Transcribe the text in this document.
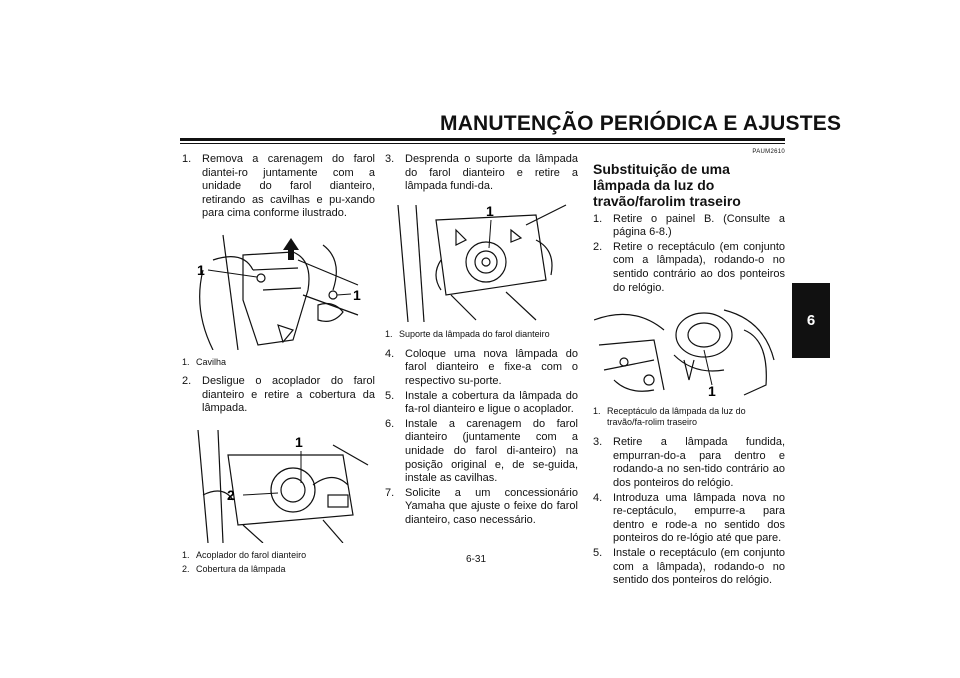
MANUTENÇÃO PERIÓDICA E AJUSTES
6
1. Remova a carenagem do farol diantei-ro juntamente com a unidade do farol dianteiro, retirando as cavilhas e pu-xando para cima conforme ilustrado.
1
1
1. Cavilha
2. Desligue o acoplador do farol dianteiro e retire a cobertura da lâmpada.
1
2
1. Acoplador do farol dianteiro
2. Cobertura da lâmpada
3. Desprenda o suporte da lâmpada do farol dianteiro e retire a lâmpada fundi-da.
1
1. Suporte da lâmpada do farol dianteiro
4. Coloque uma nova lâmpada do farol dianteiro e fixe-a com o respectivo su-porte.
5. Instale a cobertura da lâmpada do fa-rol dianteiro e ligue o acoplador.
6. Instale a carenagem do farol dianteiro (juntamente com a unidade do farol di-anteiro) na posição original e, de se-guida, instale as cavilhas.
7. Solicite a um concessionário Yamaha que ajuste o feixe do farol dianteiro, caso necessário.
PAUM2610
Substituição de uma lâmpada da luz do travão/farolim traseiro
1. Retire o painel B. (Consulte a página 6-8.)
2. Retire o receptáculo (em conjunto com a lâmpada), rodando-o no sentido contrário ao dos ponteiros do relógio.
1
1. Receptáculo da lâmpada da luz do travão/fa-rolim traseiro
3. Retire a lâmpada fundida, empurran-do-a para dentro e rodando-a no sen-tido contrário ao dos ponteiros do relógio.
4. Introduza uma lâmpada nova no re-ceptáculo, empurre-a para dentro e rode-a no sentido dos ponteiros do re-lógio até que pare.
5. Instale o receptáculo (em conjunto com a lâmpada), rodando-o no sentido dos ponteiros do relógio.
6-31
